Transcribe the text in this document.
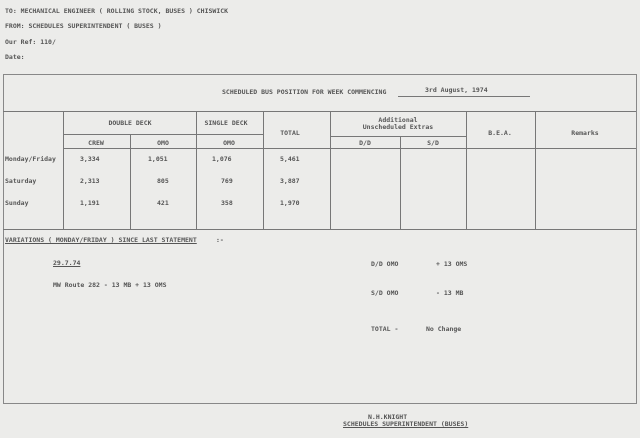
TO: MECHANICAL ENGINEER ( ROLLING STOCK, BUSES ) CHISWICK
FROM: SCHEDULES SUPERINTENDENT ( BUSES )
Our Ref: 110/
Date:
SCHEDULED BUS POSITION FOR WEEK COMMENCING	3rd August, 1974
DOUBLE DECK	SINGLE DECK
TOTAL
Additional
Unscheduled Extras
B.E.A.	Remarks
CREW	OMO	OMO	D/D	S/D
Monday/Friday	3,334	1,051	1,076	5,461
Saturday	2,313	805	769	3,887
Sunday	1,191	421	358	1,970
VARIATIONS ( MONDAY/FRIDAY ) SINCE LAST STATEMENT	:-
29.7.74
MW Route 282 - 13 MB + 13 OMS
D/D OMO	+ 13 OMS
S/D OMO	- 13 MB
TOTAL -	No Change
N.H.KNIGHT
SCHEDULES SUPERINTENDENT (BUSES)
